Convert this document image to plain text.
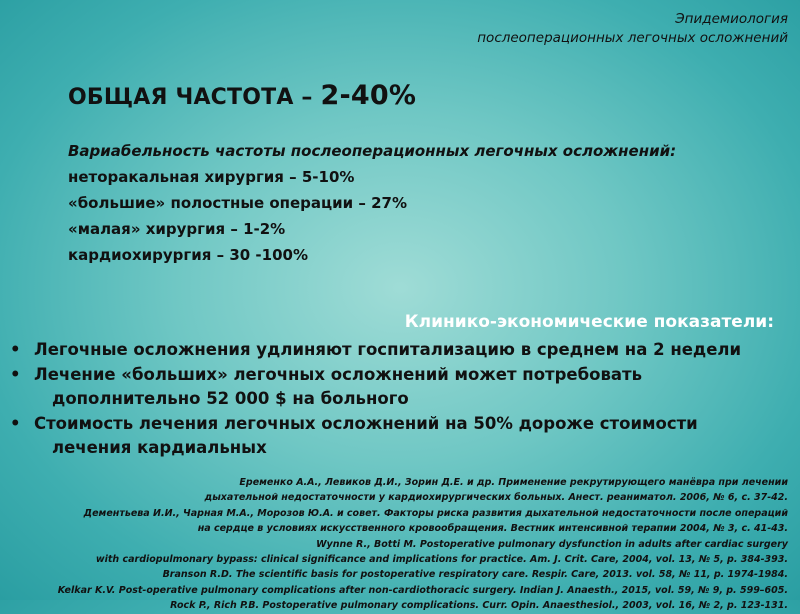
Эпидемиология
послеоперационных легочных осложнений
ОБЩАЯ ЧАСТОТА – 2-40%
Вариабельность частоты послеоперационных легочных осложнений:
неторакальная хирургия – 5-10%
«большие» полостные операции – 27%
«малая» хирургия – 1-2%
кардиохирургия – 30 -100%
Клинико-экономические показатели:
• Легочные осложнения удлиняют госпитализацию в среднем на 2 недели
• Лечение «больших» легочных осложнений может потребовать
дополнительно 52 000 $ на больного
• Стоимость лечения легочных осложнений на 50% дороже стоимости
лечения кардиальных
Еременко А.А., Левиков Д.И., Зорин Д.Е. и др. Применение рекрутирующего манёвра при лечении
дыхательной недостаточности у кардиохирургических больных. Анест. реаниматол. 2006, № 6, с. 37-42.
Дементьева И.И., Чарная М.А., Морозов Ю.А. и совет. Факторы риска развития дыхательной недостаточности после операций
на сердце в условиях искусственного кровообращения. Вестник интенсивной терапии 2004, № 3, с. 41-43.
Wynne R., Botti M. Postoperative pulmonary dysfunction in adults after cardiac surgery
with cardiopulmonary bypass: clinical significance and implications for practice. Am. J. Crit. Care, 2004, vol. 13, № 5, p. 384-393.
Branson R.D. The scientific basis for postoperative respiratory care. Respir. Care, 2013. vol. 58, № 11, p. 1974-1984.
Kelkar K.V. Post-operative pulmonary complications after non-cardiothoracic surgery. Indian J. Anaesth., 2015, vol. 59, № 9, p. 599–605.
Rock P., Rich P.B. Postoperative pulmonary complications. Curr. Opin. Anaesthesiol., 2003, vol. 16, № 2, p. 123-131.
